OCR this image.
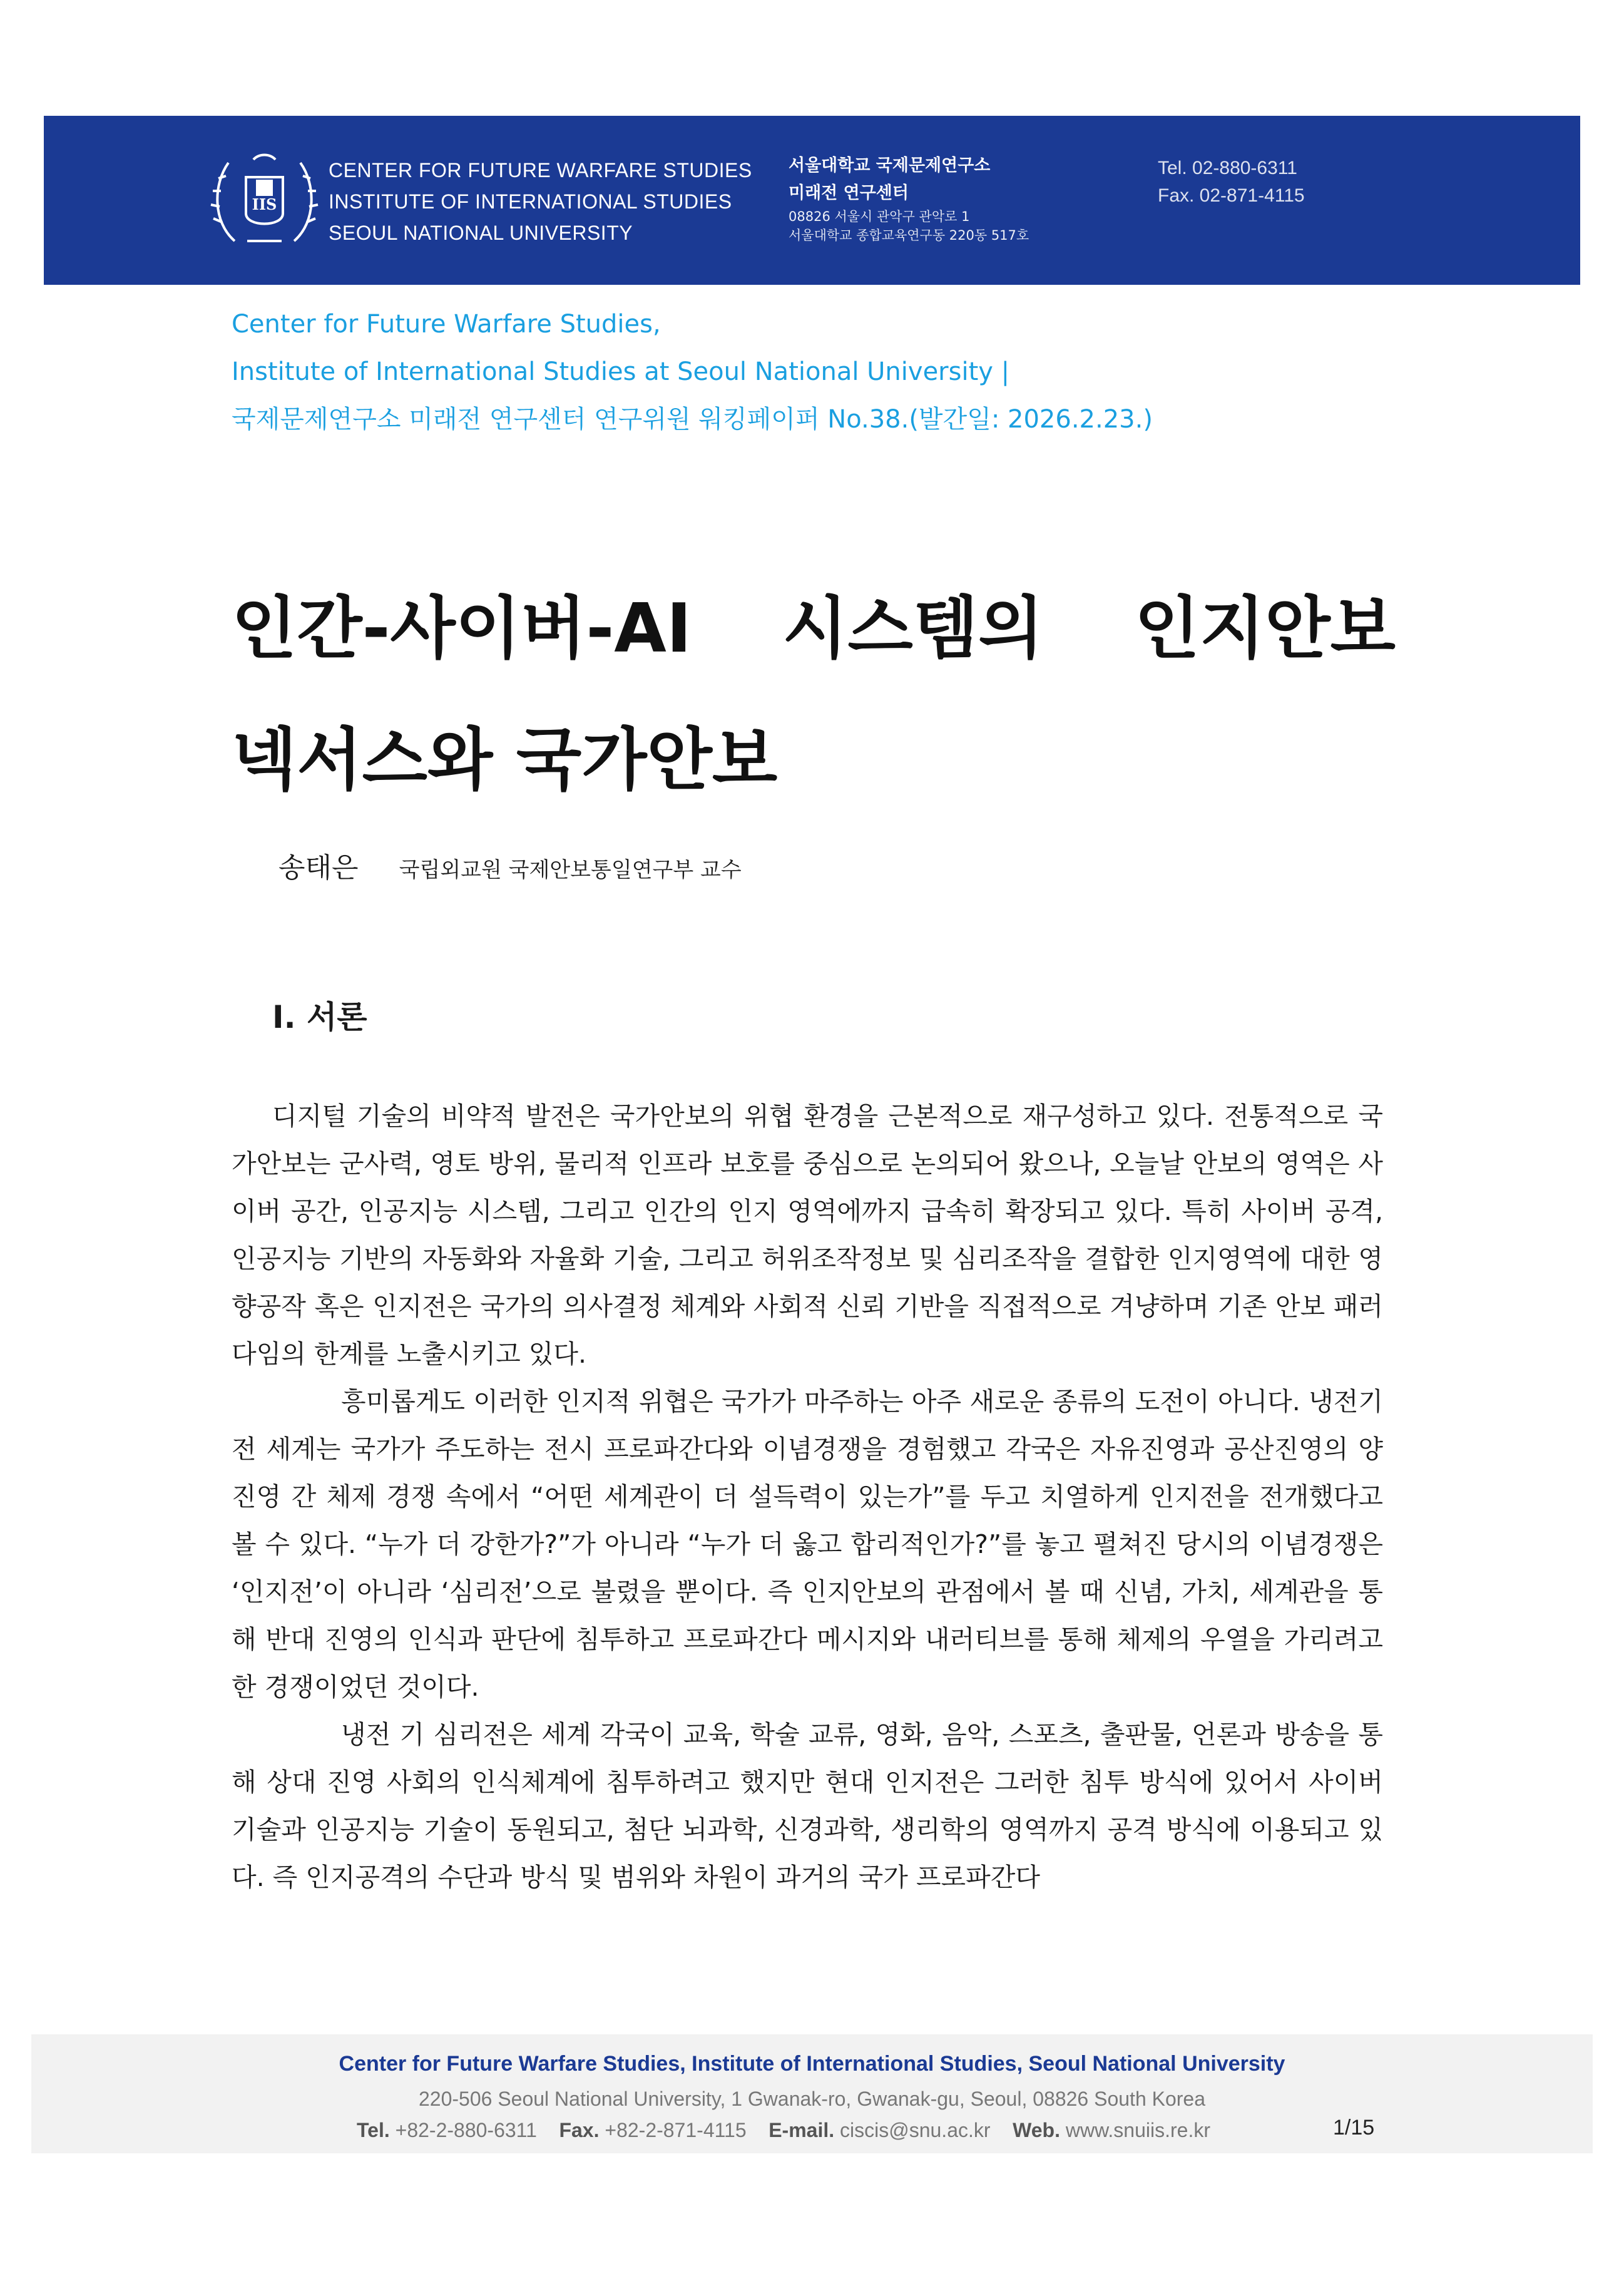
IIS
CENTER FOR FUTURE WARFARE STUDIES
INSTITUTE OF INTERNATIONAL STUDIES
SEOUL NATIONAL UNIVERSITY
서울대학교 국제문제연구소
미래전 연구센터
08826 서울시 관악구 관악로 1
서울대학교 종합교육연구동 220동 517호
Tel. 02-880-6311
Fax. 02-871-4115
Center for Future Warfare Studies,
Institute of International Studies at Seoul National University |
국제문제연구소 미래전 연구센터 연구위원 워킹페이퍼 No.38.(발간일: 2026.2.23.)
인간-사이버-AI 시스템의 인지안보
넥서스와 국가안보
송태은 국립외교원 국제안보통일연구부 교수
I. 서론

디지털 기술의 비약적 발전은 국가안보의 위협 환경을 근본적으로 재구성하고 있다. 전통적으로 국가안보는 군사력, 영토 방위, 물리적 인프라 보호를 중심으로 논의되어 왔으나, 오늘날 안보의 영역은 사이버 공간, 인공지능 시스템, 그리고 인간의 인지 영역에까지 급속히 확장되고 있다. 특히 사이버 공격, 인공지능 기반의 자동화와 자율화 기술, 그리고 허위조작정보 및 심리조작을 결합한 인지영역에 대한 영향공작 혹은 인지전은 국가의 의사결정 체계와 사회적 신뢰 기반을 직접적으로 겨냥하며 기존 안보 패러다임의 한계를 노출시키고 있다.

흥미롭게도 이러한 인지적 위협은 국가가 마주하는 아주 새로운 종류의 도전이 아니다. 냉전기 전 세계는 국가가 주도하는 전시 프로파간다와 이념경쟁을 경험했고 각국은 자유진영과 공산진영의 양 진영 간 체제 경쟁 속에서 “어떤 세계관이 더 설득력이 있는가”를 두고 치열하게 인지전을 전개했다고 볼 수 있다. “누가 더 강한가?”가 아니라 “누가 더 옳고 합리적인가?”를 놓고 펼쳐진 당시의 이념경쟁은 ‘인지전’이 아니라 ‘심리전’으로 불렸을 뿐이다. 즉 인지안보의 관점에서 볼 때 신념, 가치, 세계관을 통해 반대 진영의 인식과 판단에 침투하고 프로파간다 메시지와 내러티브를 통해 체제의 우열을 가리려고 한 경쟁이었던 것이다.

냉전 기 심리전은 세계 각국이 교육, 학술 교류, 영화, 음악, 스포츠, 출판물, 언론과 방송을 통해 상대 진영 사회의 인식체계에 침투하려고 했지만 현대 인지전은 그러한 침투 방식에 있어서 사이버 기술과 인공지능 기술이 동원되고, 첨단 뇌과학, 신경과학, 생리학의 영역까지 공격 방식에 이용되고 있다. 즉 인지공격의 수단과 방식 및 범위와 차원이 과거의 국가 프로파간다

Center for Future Warfare Studies, Institute of International Studies, Seoul National University
220-506 Seoul National University, 1 Gwanak-ro, Gwanak-gu, Seoul, 08826 South Korea
Tel. +82-2-880-6311 Fax. +82-2-871-4115 E-mail. ciscis@snu.ac.kr Web. www.snuiis.re.kr	1/15
